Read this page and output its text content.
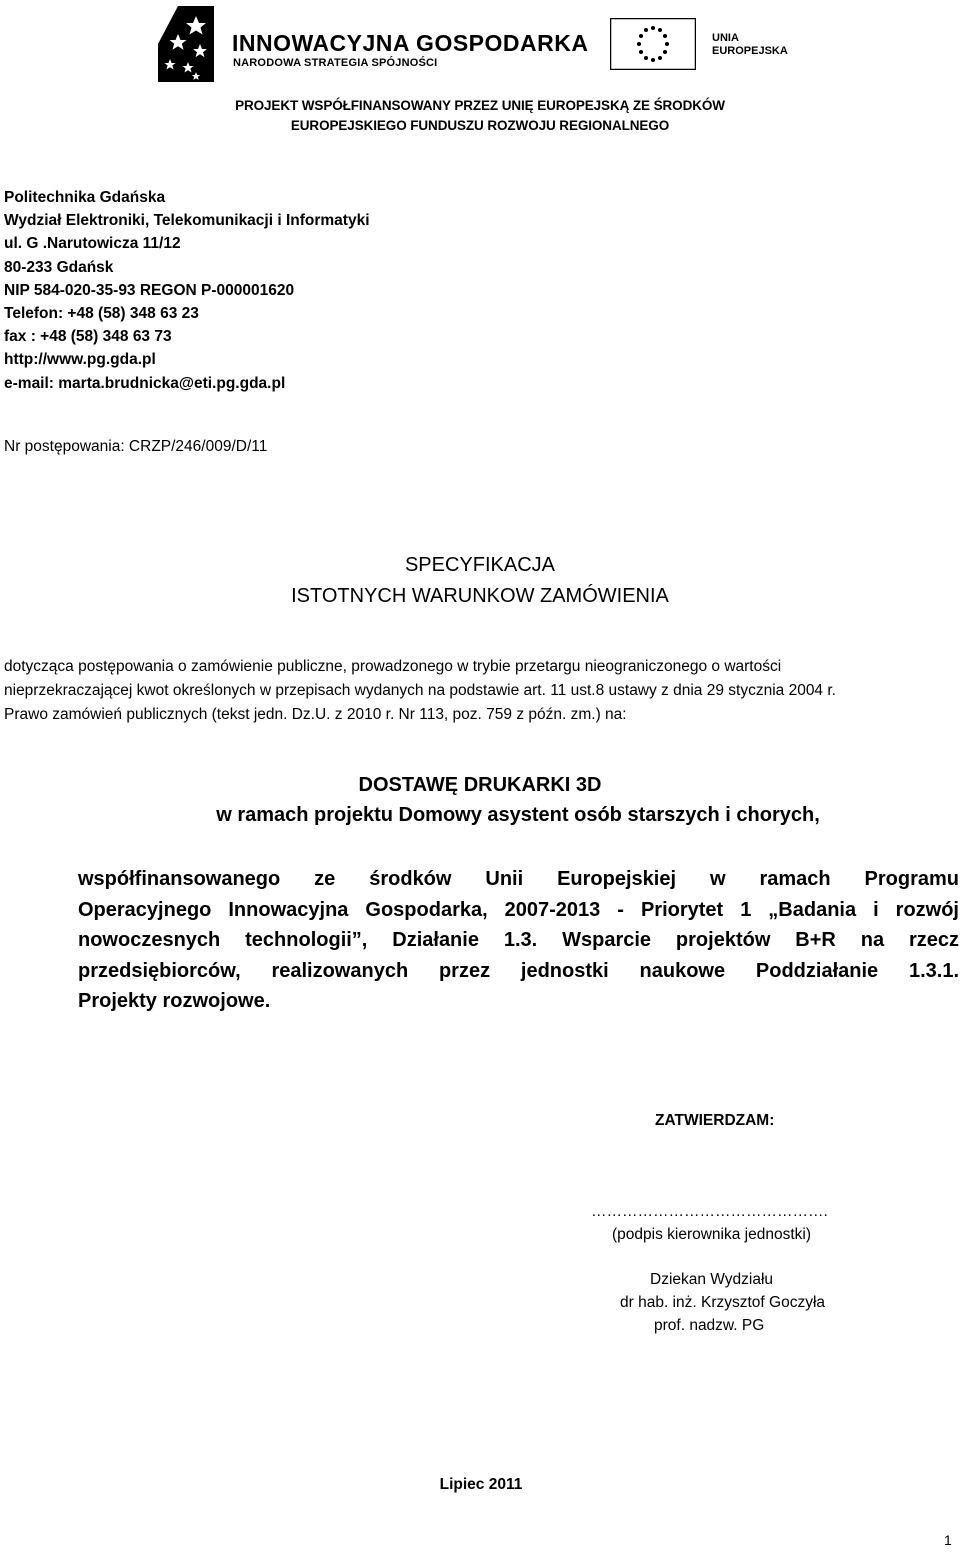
INNOWACYJNA GOSPODARKA
NARODOWA STRATEGIA SPÓJNOŚCI
UNIA
EUROPEJSKA
PROJEKT WSPÓŁFINANSOWANY PRZEZ UNIĘ EUROPEJSKĄ ZE ŚRODKÓW
EUROPEJSKIEGO FUNDUSZU ROZWOJU REGIONALNEGO
Politechnika Gdańska
Wydział Elektroniki, Telekomunikacji i Informatyki
ul. G .Narutowicza 11/12
80-233 Gdańsk
NIP 584-020-35-93 REGON P-000001620
Telefon: +48 (58) 348 63 23
fax : +48 (58) 348 63 73
http://www.pg.gda.pl
e-mail: marta.brudnicka@eti.pg.gda.pl
Nr postępowania: CRZP/246/009/D/11
SPECYFIKACJA
ISTOTNYCH WARUNKOW ZAMÓWIENIA
dotycząca postępowania o zamówienie publiczne, prowadzonego w trybie przetargu nieograniczonego o wartości
nieprzekraczającej kwot określonych w przepisach wydanych na podstawie art. 11 ust.8 ustawy z dnia 29 stycznia 2004 r.
Prawo zamówień publicznych (tekst jedn. Dz.U. z 2010 r. Nr 113, poz. 759 z późn. zm.) na:
DOSTAWĘ DRUKARKI 3D
w ramach projektu Domowy asystent osób starszych i chorych,
współfinansowanego ze środków Unii Europejskiej w ramach Programu
Operacyjnego Innowacyjna Gospodarka, 2007-2013 - Priorytet 1 „Badania i rozwój
nowoczesnych technologii”, Działanie 1.3. Wsparcie projektów B+R na rzecz
przedsiębiorców, realizowanych przez jednostki naukowe Poddziałanie 1.3.1.
Projekty rozwojowe.
ZATWIERDZAM:
……………………………………….
(podpis kierownika jednostki)
Dziekan Wydziału
dr hab. inż. Krzysztof Goczyła
prof. nadzw. PG
Lipiec 2011
1
